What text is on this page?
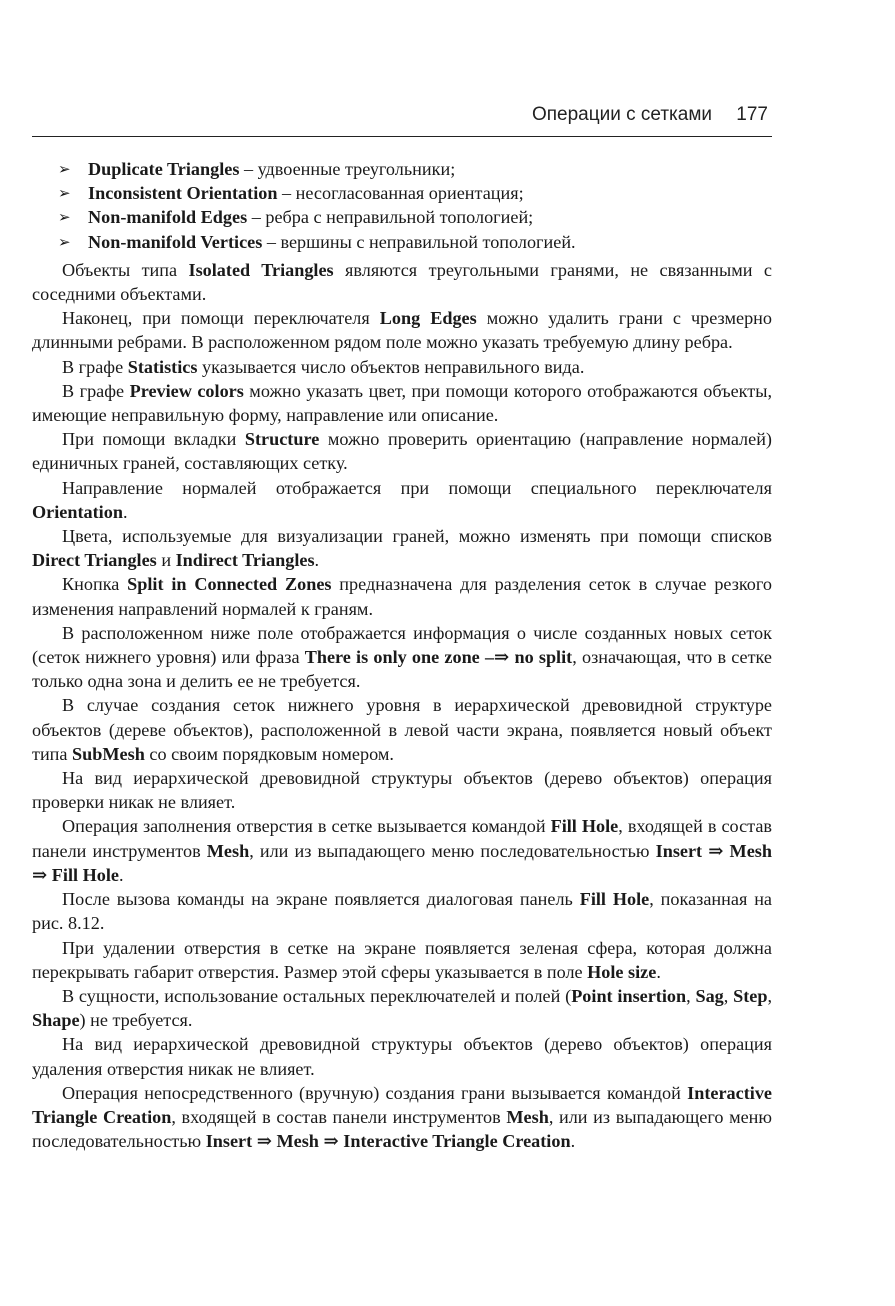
Операции с сетками 177
➢ Duplicate Triangles – удвоенные треугольники;
➢ Inconsistent Orientation – несогласованная ориентация;
➢ Non-manifold Edges – ребра с неправильной топологией;
➢ Non-manifold Vertices – вершины с неправильной топологией.

Объекты типа Isolated Triangles являются треугольными гранями, не связанными с соседними объектами.

Наконец, при помощи переключателя Long Edges можно удалить грани с чрезмерно длинными ребрами. В расположенном рядом поле можно указать требуемую длину ребра.

В графе Statistics указывается число объектов неправильного вида.

В графе Preview colors можно указать цвет, при помощи которого отображаются объекты, имеющие неправильную форму, направление или описание.

При помощи вкладки Structure можно проверить ориентацию (направление нормалей) единичных граней, составляющих сетку.

Направление нормалей отображается при помощи специального переключателя Orientation.

Цвета, используемые для визуализации граней, можно изменять при помощи списков Direct Triangles и Indirect Triangles.

Кнопка Split in Connected Zones предназначена для разделения сеток в случае резкого изменения направлений нормалей к граням.

В расположенном ниже поле отображается информация о числе созданных новых сеток (сеток нижнего уровня) или фраза There is only one zone –⇒ no split, означающая, что в сетке только одна зона и делить ее не требуется.

В случае создания сеток нижнего уровня в иерархической древовидной структуре объектов (дереве объектов), расположенной в левой части экрана, появляется новый объект типа SubMesh со своим порядковым номером.

На вид иерархической древовидной структуры объектов (дерево объектов) операция проверки никак не влияет.

Операция заполнения отверстия в сетке вызывается командой Fill Hole, входящей в состав панели инструментов Mesh, или из выпадающего меню последовательностью Insert ⇒ Mesh ⇒ Fill Hole.

После вызова команды на экране появляется диалоговая панель Fill Hole, показанная на рис. 8.12.

При удалении отверстия в сетке на экране появляется зеленая сфера, которая должна перекрывать габарит отверстия. Размер этой сферы указывается в поле Hole size.

В сущности, использование остальных переключателей и полей (Point insertion, Sag, Step, Shape) не требуется.

На вид иерархической древовидной структуры объектов (дерево объектов) операция удаления отверстия никак не влияет.

Операция непосредственного (вручную) создания грани вызывается командой Interactive Triangle Creation, входящей в состав панели инструментов Mesh, или из выпадающего меню последовательностью Insert ⇒ Mesh ⇒ Interactive Triangle Creation.
